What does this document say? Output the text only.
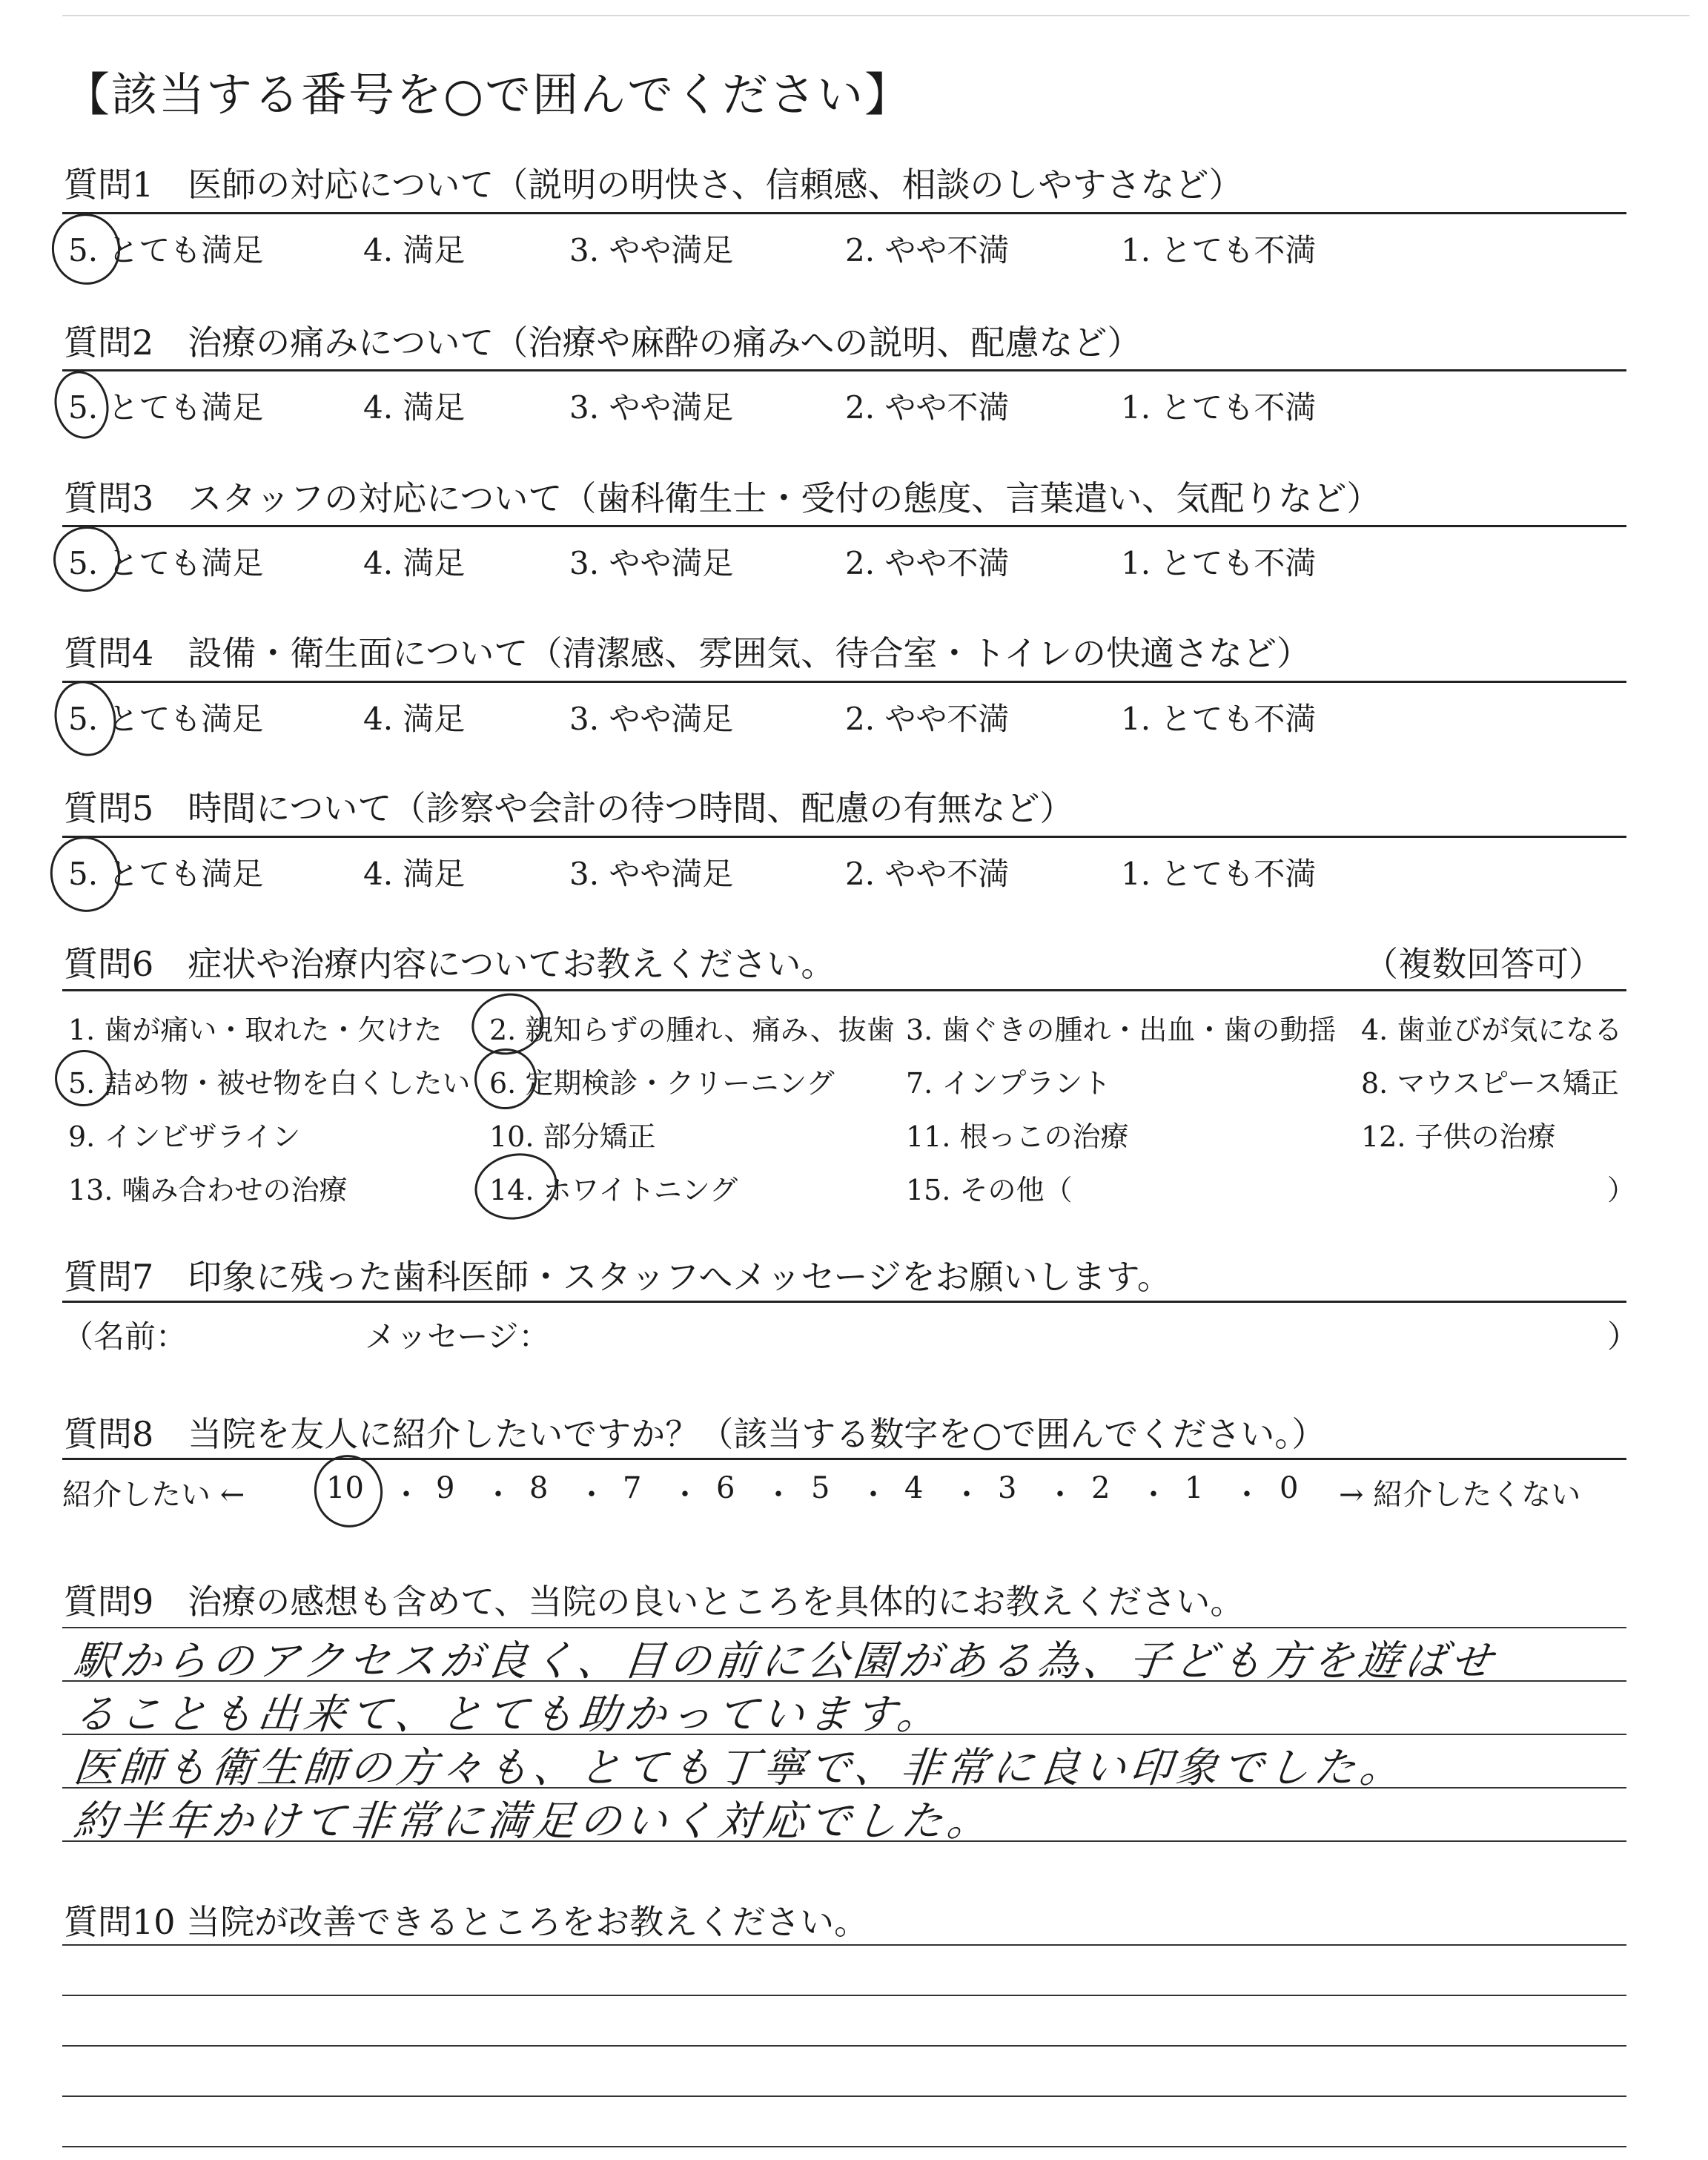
【該当する番号を○で囲んでください】
質問1　医師の対応について（説明の明快さ、信頼感、相談のしやすさなど）
5. とても満足	4. 満足	3. やや満足	2. やや不満	1. とても不満
質問2　治療の痛みについて（治療や麻酔の痛みへの説明、配慮など）
5. とても満足	4. 満足	3. やや満足	2. やや不満	1. とても不満
質問3　スタッフの対応について（歯科衛生士・受付の態度、言葉遣い、気配りなど）
5. とても満足	4. 満足	3. やや満足	2. やや不満	1. とても不満
質問4　設備・衛生面について（清潔感、雰囲気、待合室・トイレの快適さなど）
5. とても満足	4. 満足	3. やや満足	2. やや不満	1. とても不満
質問5　時間について（診察や会計の待つ時間、配慮の有無など）
5. とても満足	4. 満足	3. やや満足	2. やや不満	1. とても不満
質問6　症状や治療内容についてお教えください。	（複数回答可）
1. 歯が痛い・取れた・欠けた 2. 親知らずの腫れ、痛み、抜歯 3. 歯ぐきの腫れ・出血・歯の動揺 4. 歯並びが気になる
5. 詰め物・被せ物を白くしたい 6. 定期検診・クリーニング	7. インプラント	8. マウスピース矯正
9. インビザライン	10. 部分矯正	11. 根っこの治療	12. 子供の治療
13. 噛み合わせの治療	14. ホワイトニング	15. その他（	）
質問7　印象に残った歯科医師・スタッフへメッセージをお願いします。
（名前：	メッセージ：	）
質問8　当院を友人に紹介したいですか？（該当する数字を○で囲んでください。）
紹介したい ←	10 ・ 9 ・ 8 ・ 7 ・ 6 ・ 5 ・ 4 ・ 3 ・ 2 ・ 1 ・ 0 → 紹介したくない
質問9　治療の感想も含めて、当院の良いところを具体的にお教えください。
駅からのアクセスが良く、目の前に公園がある為、子ども方を遊ばせ
ることも出来て、とても助かっています。
医師も衛生師の方々も、とても丁寧で、非常に良い印象でした。
約半年かけて非常に満足のいく対応でした。
質問10 当院が改善できるところをお教えください。
